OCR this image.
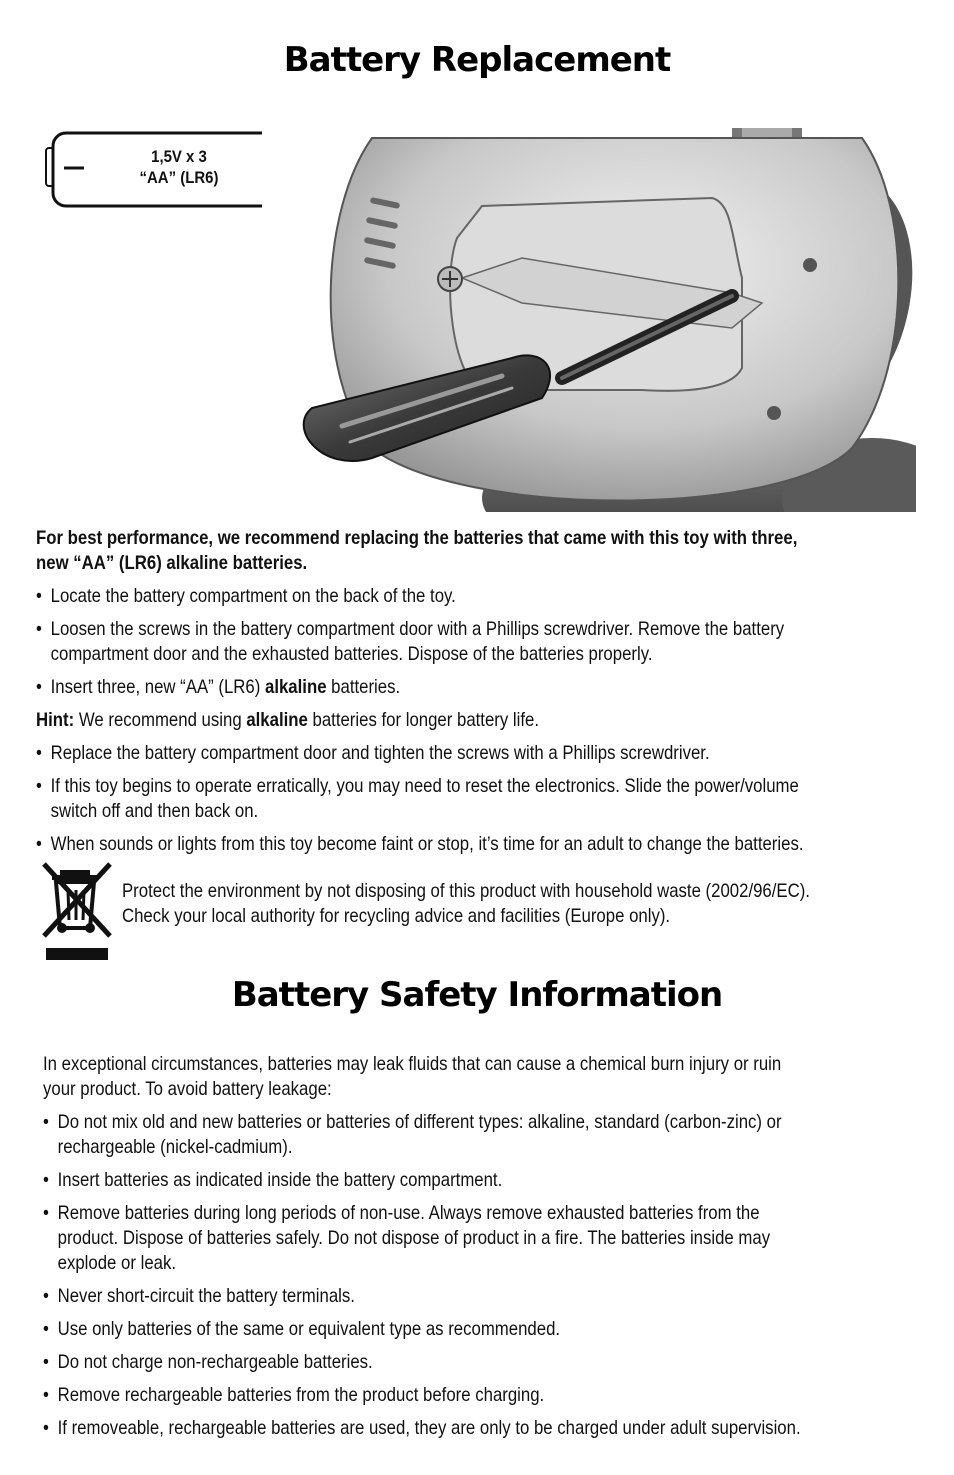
Battery Replacement
1,5V x 3
“AA” (LR6)

For best performance, we recommend replacing the batteries that came with this toy with three,

new “AA” (LR6) alkaline batteries.

• Locate the battery compartment on the back of the toy.

• Loosen the screws in the battery compartment door with a Phillips screwdriver. Remove the battery

compartment door and the exhausted batteries. Dispose of the batteries properly.

• Insert three, new “AA” (LR6) alkaline batteries.

Hint: We recommend using alkaline batteries for longer battery life.

• Replace the battery compartment door and tighten the screws with a Phillips screwdriver.

• If this toy begins to operate erratically, you may need to reset the electronics. Slide the power/volume

switch off and then back on.

• When sounds or lights from this toy become faint or stop, it’s time for an adult to change the batteries.

Protect the environment by not disposing of this product with household waste (2002/96/EC).

Check your local authority for recycling advice and facilities (Europe only).

Battery Safety Information

In exceptional circumstances, batteries may leak fluids that can cause a chemical burn injury or ruin

your product. To avoid battery leakage:

• Do not mix old and new batteries or batteries of different types: alkaline, standard (carbon-zinc) or

rechargeable (nickel-cadmium).

• Insert batteries as indicated inside the battery compartment.

• Remove batteries during long periods of non-use. Always remove exhausted batteries from the

product. Dispose of batteries safely. Do not dispose of product in a fire. The batteries inside may

explode or leak.

• Never short-circuit the battery terminals.

• Use only batteries of the same or equivalent type as recommended.

• Do not charge non-rechargeable batteries.

• Remove rechargeable batteries from the product before charging.

• If removeable, rechargeable batteries are used, they are only to be charged under adult supervision.
